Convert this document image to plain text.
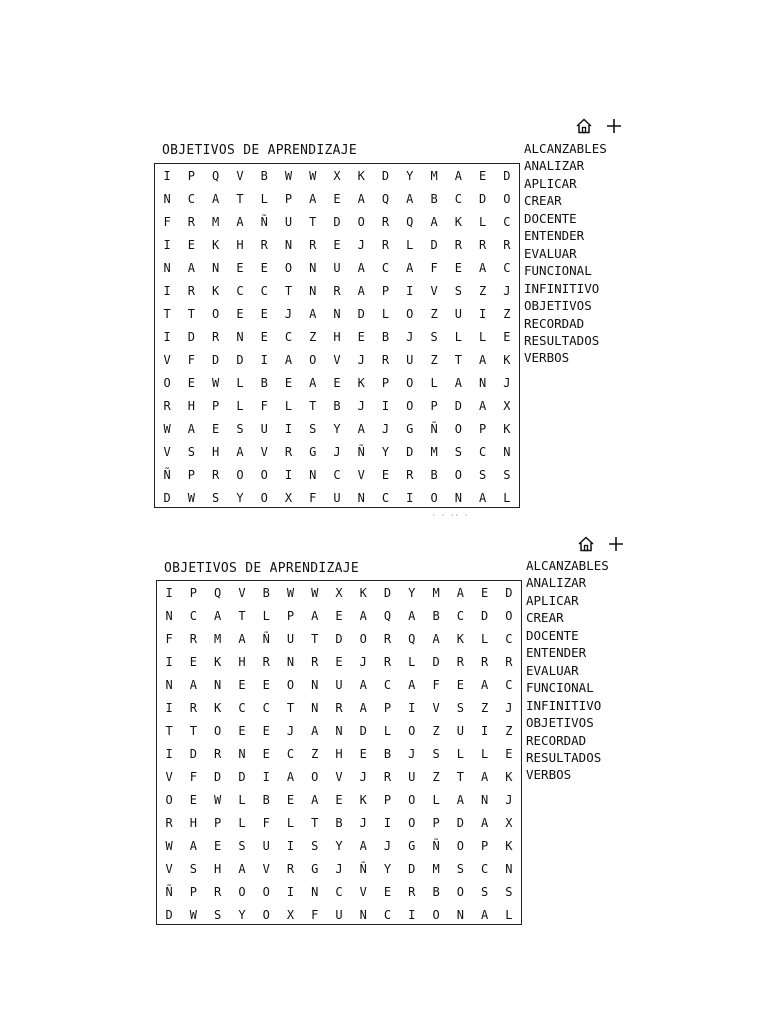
OBJETIVOS DE APRENDIZAJE
I	P	Q	V	B	W	W	X	K	D	Y	M	A	E	D
N	C	A	T	L	P	A	E	A	Q	A	B	C	D	O
F	R	M	A	Ñ	U	T	D	O	R	Q	A	K	L	C
I	E	K	H	R	N	R	E	J	R	L	D	R	R	R
N	A	N	E	E	O	N	U	A	C	A	F	E	A	C
I	R	K	C	C	T	N	R	A	P	I	V	S	Z	J
T	T	O	E	E	J	A	N	D	L	O	Z	U	I	Z
I	D	R	N	E	C	Z	H	E	B	J	S	L	L	E
V	F	D	D	I	A	O	V	J	R	U	Z	T	A	K
O	E	W	L	B	E	A	E	K	P	O	L	A	N	J
R	H	P	L	F	L	T	B	J	I	O	P	D	A	X
W	A	E	S	U	I	S	Y	A	J	G	Ñ	O	P	K
V	S	H	A	V	R	G	J	Ñ	Y	D	M	S	C	N
Ñ	P	R	O	O	I	N	C	V	E	R	B	O	S	S
D	W	S	Y	O	X	F	U	N	C	I	O	N	A	L
ALCANZABLES
ANALIZAR
APLICAR
CREAR
DOCENTE
ENTENDER
EVALUAR
FUNCIONAL
INFINITIVO
OBJETIVOS
RECORDAD
RESULTADOS
VERBOS
· · ·· ·
OBJETIVOS DE APRENDIZAJE
I	P	Q	V	B	W	W	X	K	D	Y	M	A	E	D
N	C	A	T	L	P	A	E	A	Q	A	B	C	D	O
F	R	M	A	Ñ	U	T	D	O	R	Q	A	K	L	C
I	E	K	H	R	N	R	E	J	R	L	D	R	R	R
N	A	N	E	E	O	N	U	A	C	A	F	E	A	C
I	R	K	C	C	T	N	R	A	P	I	V	S	Z	J
T	T	O	E	E	J	A	N	D	L	O	Z	U	I	Z
I	D	R	N	E	C	Z	H	E	B	J	S	L	L	E
V	F	D	D	I	A	O	V	J	R	U	Z	T	A	K
O	E	W	L	B	E	A	E	K	P	O	L	A	N	J
R	H	P	L	F	L	T	B	J	I	O	P	D	A	X
W	A	E	S	U	I	S	Y	A	J	G	Ñ	O	P	K
V	S	H	A	V	R	G	J	Ñ	Y	D	M	S	C	N
Ñ	P	R	O	O	I	N	C	V	E	R	B	O	S	S
D	W	S	Y	O	X	F	U	N	C	I	O	N	A	L
ALCANZABLES
ANALIZAR
APLICAR
CREAR
DOCENTE
ENTENDER
EVALUAR
FUNCIONAL
INFINITIVO
OBJETIVOS
RECORDAD
RESULTADOS
VERBOS
